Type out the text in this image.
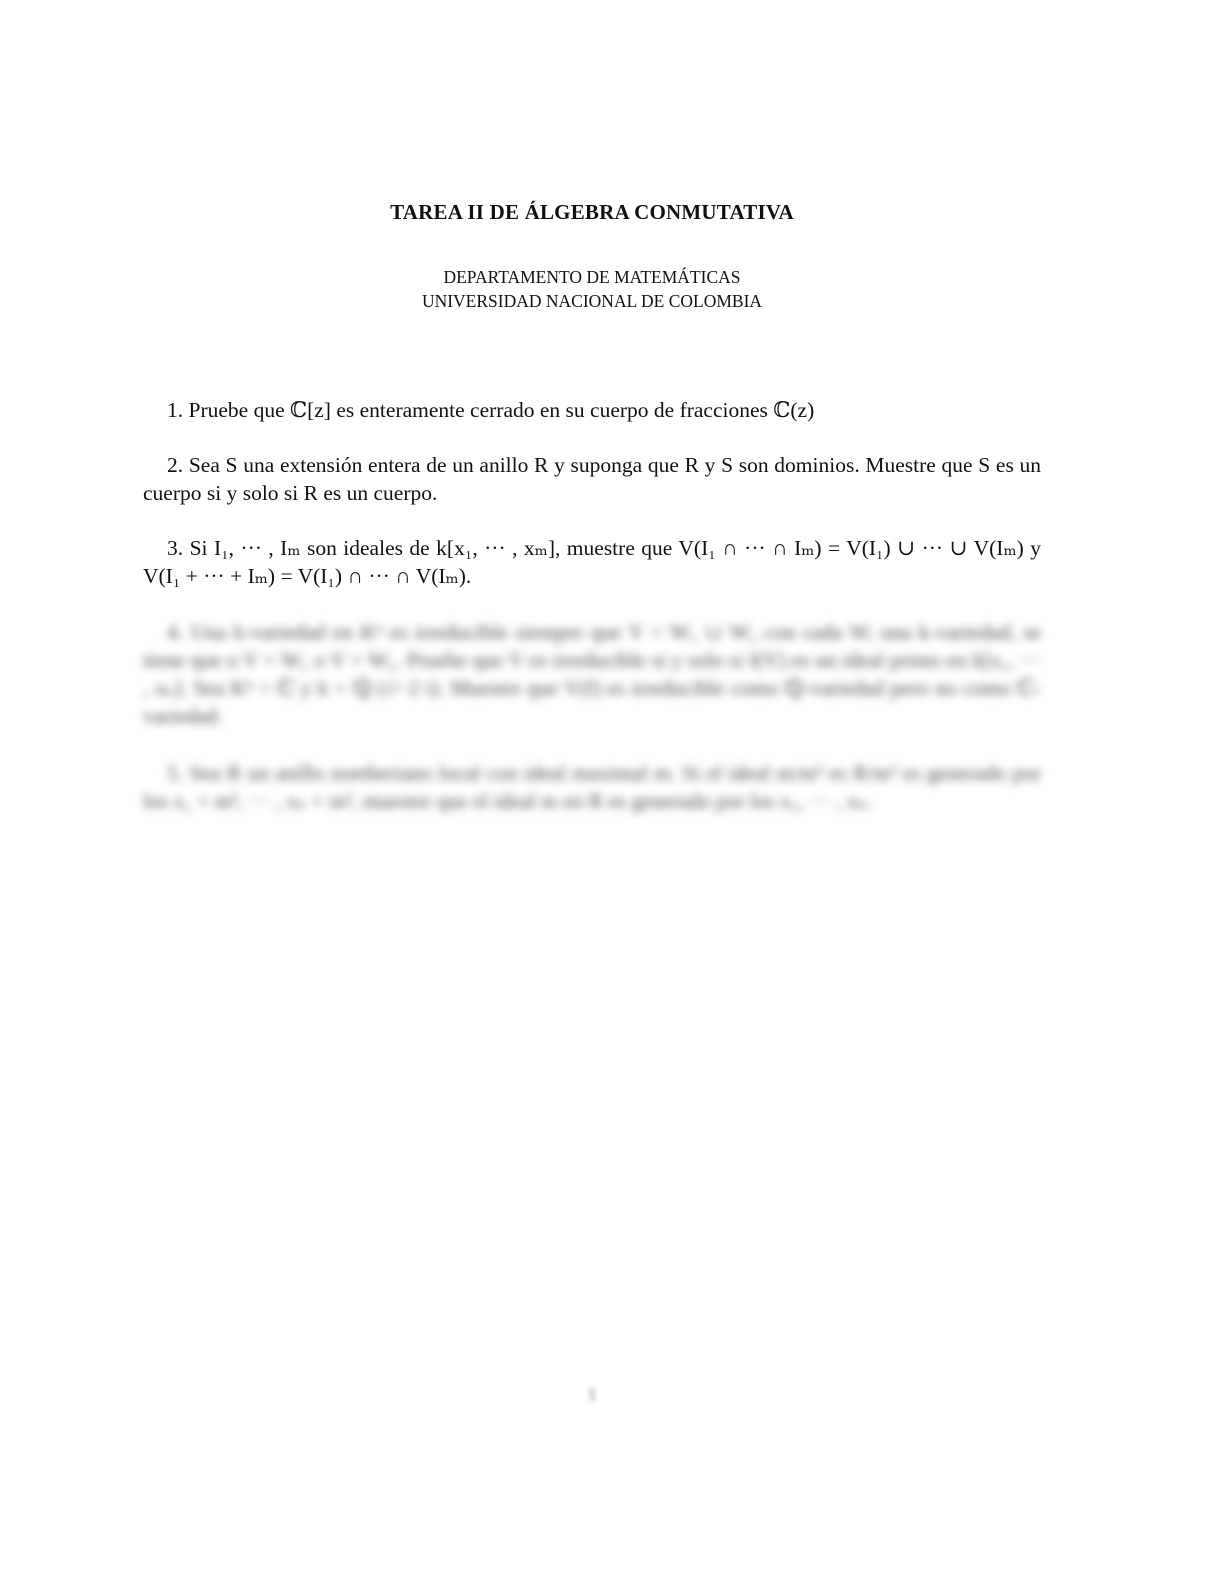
TAREA II DE ÁLGEBRA CONMUTATIVA
DEPARTAMENTO DE MATEMÁTICAS
UNIVERSIDAD NACIONAL DE COLOMBIA
1. Pruebe que ℂ[z] es enteramente cerrado en su cuerpo de fracciones ℂ(z)
2. Sea S una extensión entera de un anillo R y suponga que R y S son dominios. Muestre que S es un cuerpo si y solo si R es un cuerpo.
3. Si I₁, ··· , Iₘ son ideales de k[x₁, ··· , xₘ], muestre que V(I₁ ∩ ··· ∩ Iₘ) = V(I₁) ∪ ··· ∪ V(Iₘ) y V(I₁ + ··· + Iₘ) = V(I₁) ∩ ··· ∩ V(Iₘ).
4. Una k-variedad en Kⁿ es irreducible siempre que V = W₁ ∪ W₂ con cada Wᵢ una k-variedad, se tiene que o V = W₁ o V = W₂. Pruebe que V es irreducible si y solo si I(V) es un ideal primo en k[x₁, ··· , xₙ]. Sea Kⁿ = ℂ y k = ℚ (√−2 i). Muestre que V(f) es irreducible como ℚ-variedad pero no como ℂ-variedad.
5. Sea R un anillo noetheriano local con ideal maximal m. Si el ideal m/m² es R/m² es generado por los x₁ + m², ··· , xₙ + m², muestre que el ideal m en R es generado por los x₁, ··· , xₙ.
1
